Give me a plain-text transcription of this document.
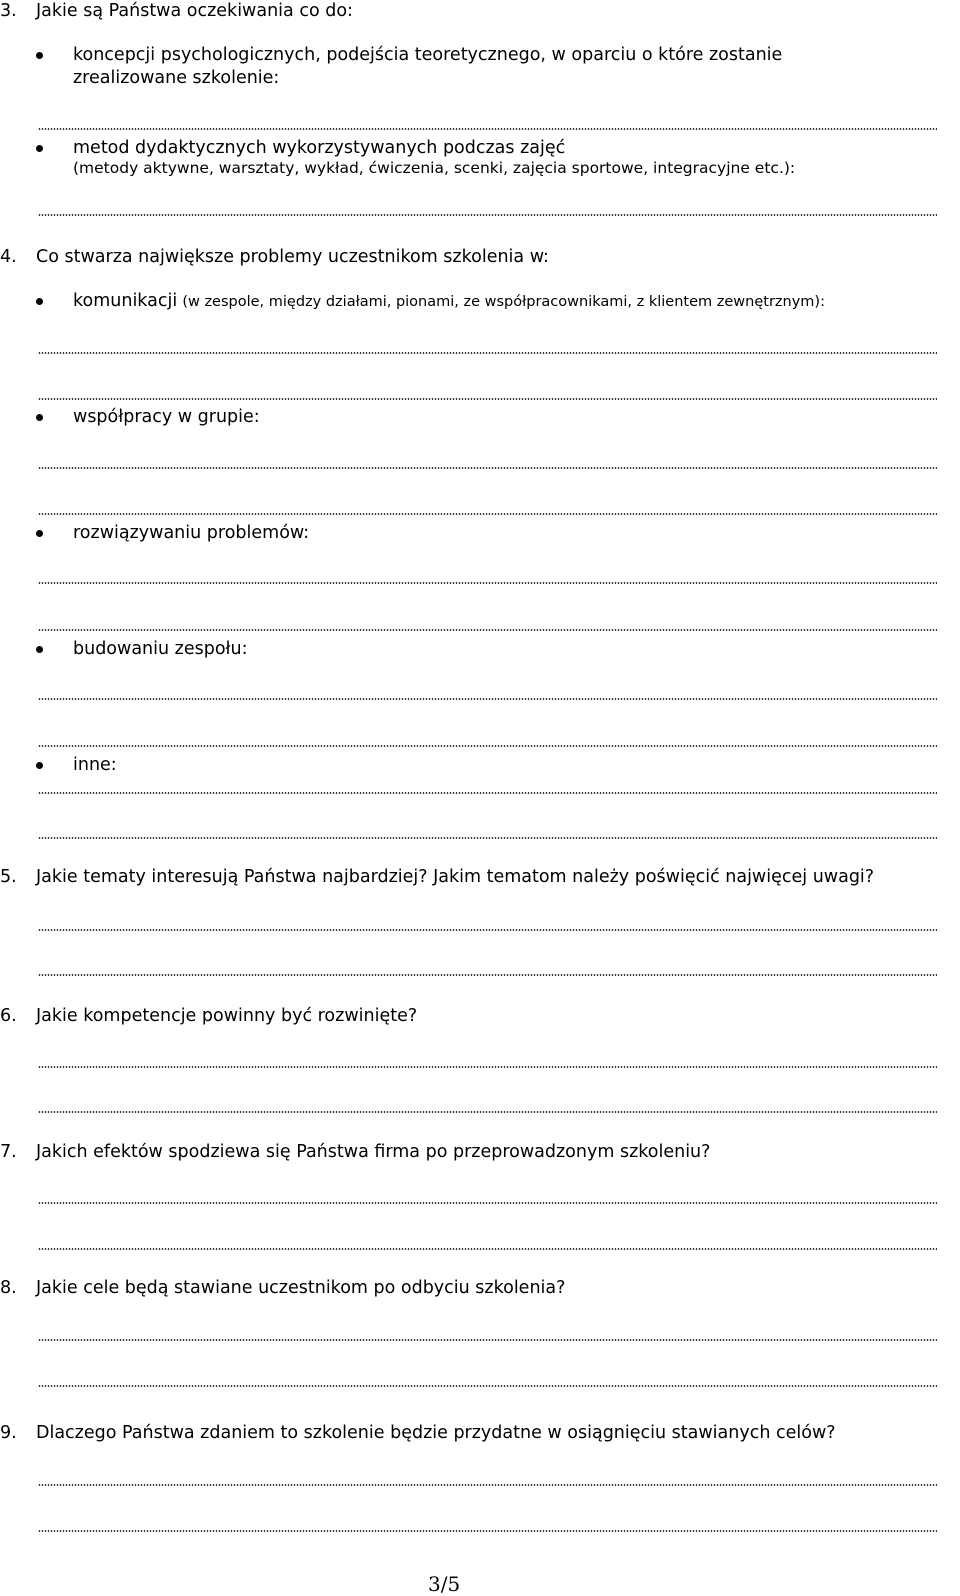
3. Jakie są Państwa oczekiwania co do:
koncepcji psychologicznych, podejścia teoretycznego, w oparciu o które zostanie
zrealizowane szkolenie:
metod dydaktycznych wykorzystywanych podczas zajęć
(metody aktywne, warsztaty, wykład, ćwiczenia, scenki, zajęcia sportowe, integracyjne etc.):
4. Co stwarza największe problemy uczestnikom szkolenia w:
komunikacji (w zespole, między działami, pionami, ze współpracownikami, z klientem zewnętrznym):
współpracy w grupie:
rozwiązywaniu problemów:
budowaniu zespołu:
inne:
5. Jakie tematy interesują Państwa najbardziej? Jakim tematom należy poświęcić najwięcej uwagi?
6. Jakie kompetencje powinny być rozwinięte?
7. Jakich efektów spodziewa się Państwa firma po przeprowadzonym szkoleniu?
8. Jakie cele będą stawiane uczestnikom po odbyciu szkolenia?
9. Dlaczego Państwa zdaniem to szkolenie będzie przydatne w osiągnięciu stawianych celów?
3/5
